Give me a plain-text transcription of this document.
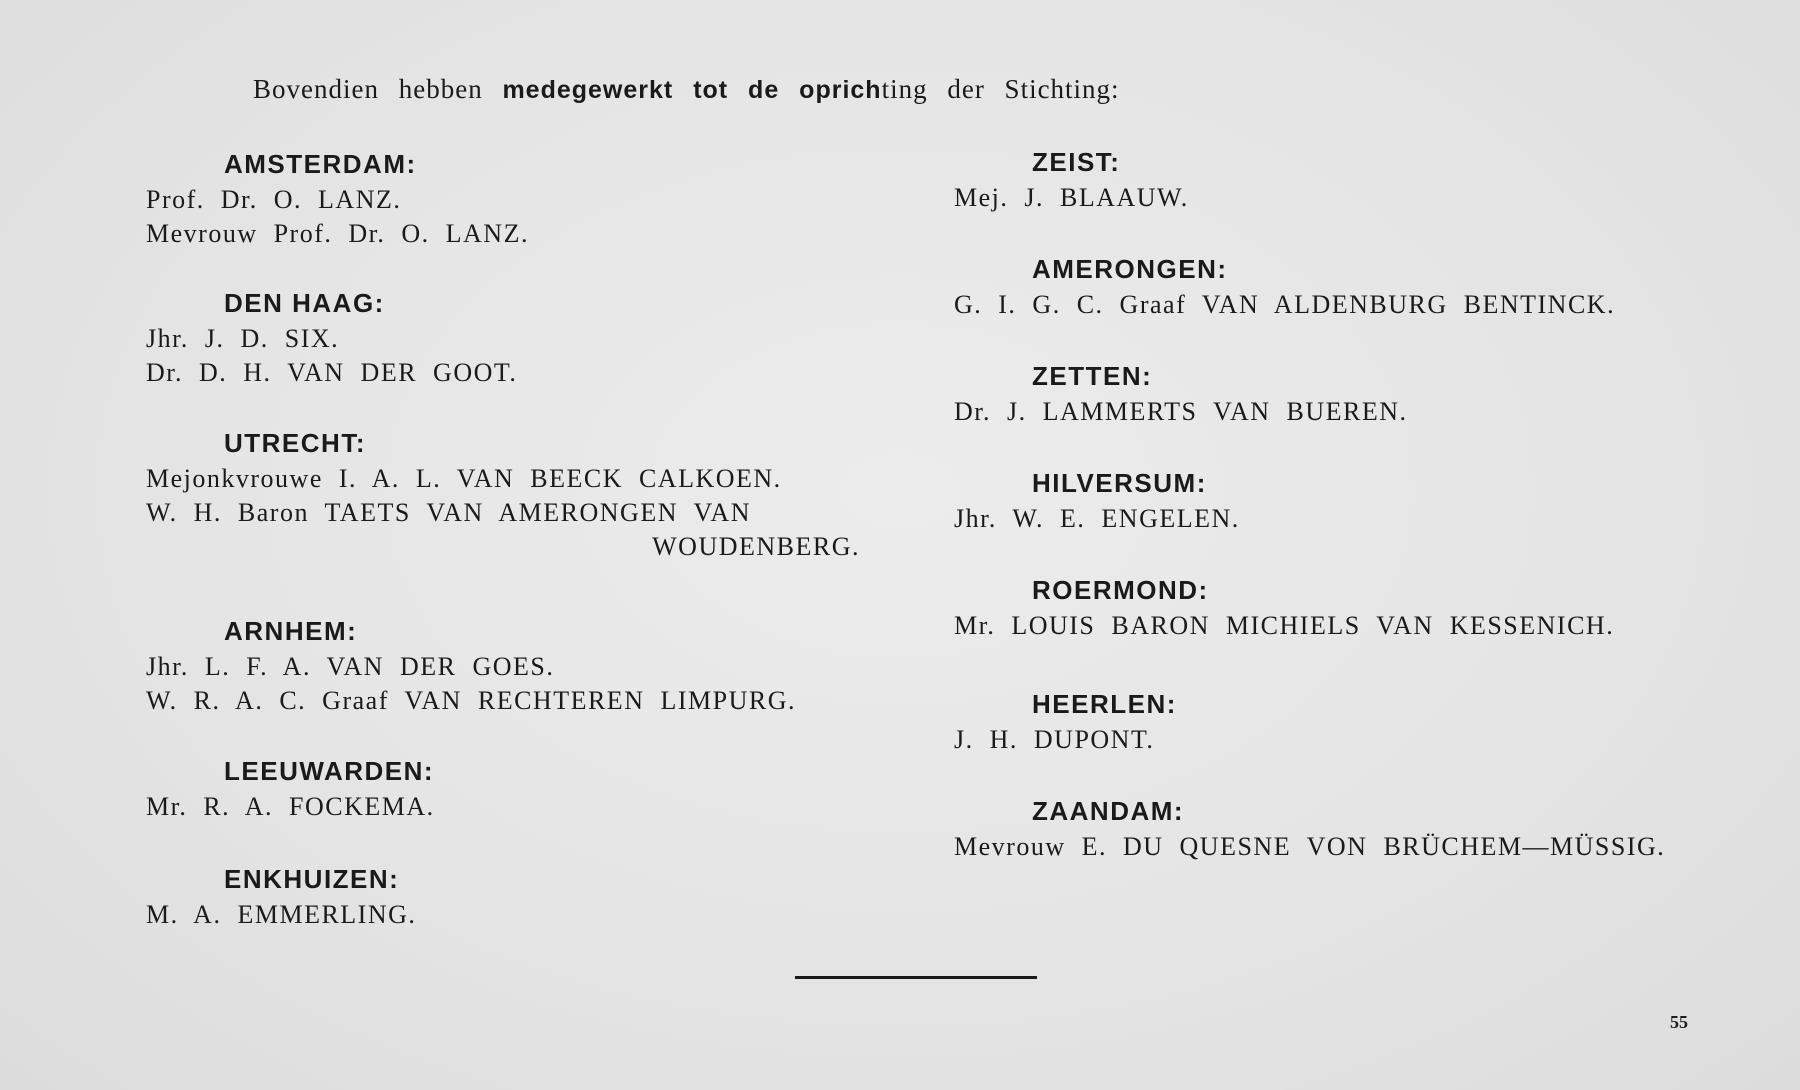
Bovendien hebben medegewerkt tot de oprichting der Stichting:
AMSTERDAM:
Prof. Dr. O. LANZ.
Mevrouw Prof. Dr. O. LANZ.
DEN HAAG:
Jhr. J. D. SIX.
Dr. D. H. VAN DER GOOT.
UTRECHT:
Mejonkvrouwe I. A. L. VAN BEECK CALKOEN.
W. H. Baron TAETS VAN AMERONGEN VAN
WOUDENBERG.
ARNHEM:
Jhr. L. F. A. VAN DER GOES.
W. R. A. C. Graaf VAN RECHTEREN LIMPURG.
LEEUWARDEN:
Mr. R. A. FOCKEMA.
ENKHUIZEN:
M. A. EMMERLING.
ZEIST:
Mej. J. BLAAUW.
AMERONGEN:
G. I. G. C. Graaf VAN ALDENBURG BENTINCK.
ZETTEN:
Dr. J. LAMMERTS VAN BUEREN.
HILVERSUM:
Jhr. W. E. ENGELEN.
ROERMOND:
Mr. LOUIS BARON MICHIELS VAN KESSENICH.
HEERLEN:
J. H. DUPONT.
ZAANDAM:
Mevrouw E. DU QUESNE VON BRÜCHEM—MÜSSIG.
55
